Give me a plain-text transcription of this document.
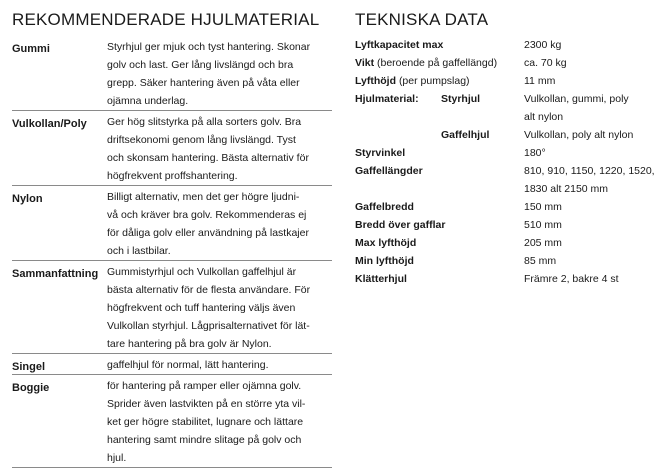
REKOMMENDERADE HJULMATERIAL
Gummi	Styrhjul ger mjuk och tyst hantering. Skonar
golv och last. Ger lång livslängd och bra
grepp. Säker hantering även på våta eller
ojämna underlag.
Vulkollan/Poly	Ger hög slitstyrka på alla sorters golv. Bra
driftsekonomi genom lång livslängd. Tyst
och skonsam hantering. Bästa alternativ för
högfrekvent proffshantering.
Nylon	Billigt alternativ, men det ger högre ljudni-
vå och kräver bra golv. Rekommenderas ej
för dåliga golv eller användning på lastkajer
och i lastbilar.
Sammanfattning Gummistyrhjul och Vulkollan gaffelhjul är
bästa alternativ för de flesta användare. För
högfrekvent och tuff hantering väljs även
Vulkollan styrhjul. Lågprisalternativet för lät-
tare hantering på bra golv är Nylon.
Singel	gaffelhjul för normal, lätt hantering.
Boggie	för hantering på ramper eller ojämna golv.
Sprider även lastvikten på en större yta vil-
ket ger högre stabilitet, lugnare och lättare
hantering samt mindre slitage på golv och
hjul.
TEKNISKA DATA
Lyftkapacitet max	2300 kg
Vikt (beroende på gaffellängd)	ca. 70 kg
Lyfthöjd (per pumpslag)	11 mm
Hjulmaterial: Styrhjul	Vulkollan, gummi, poly
alt nylon
Gaffelhjul	Vulkollan, poly alt nylon
Styrvinkel	180°
Gaffellängder	810, 910, 1150, 1220, 1520,
1830 alt 2150 mm
Gaffelbredd	150 mm
Bredd över gafflar	510 mm
Max lyfthöjd	205 mm
Min lyfthöjd	85 mm
Klätterhjul	Främre 2, bakre 4 st
